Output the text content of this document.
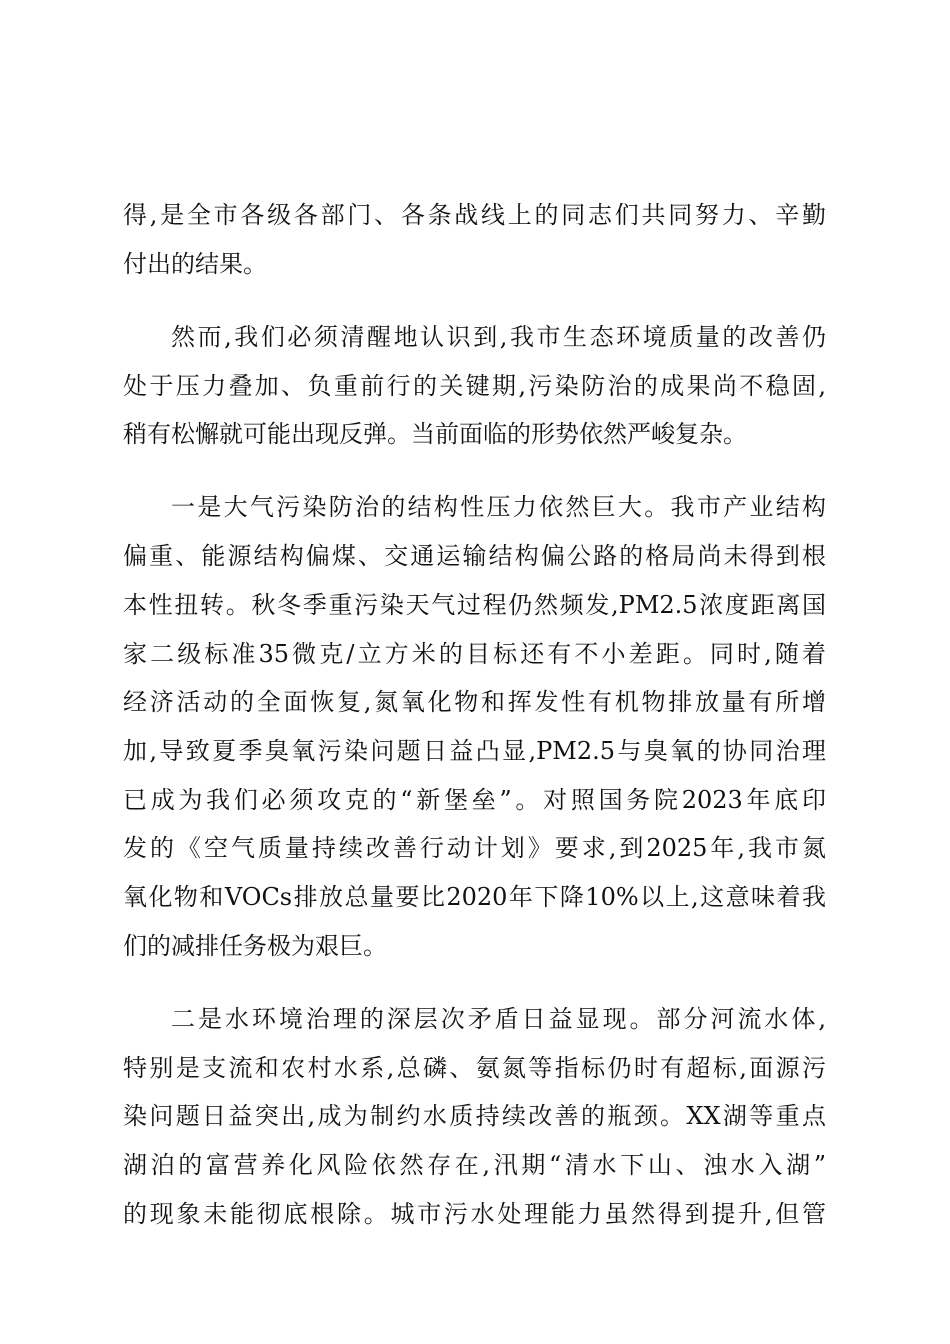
得,是全市各级各部门、各条战线上的同志们共同努力、辛勤
付出的结果。
然而,我们必须清醒地认识到,我市生态环境质量的改善仍
处于压力叠加、负重前行的关键期,污染防治的成果尚不稳固,
稍有松懈就可能出现反弹。当前面临的形势依然严峻复杂。
一是大气污染防治的结构性压力依然巨大。我市产业结构
偏重、能源结构偏煤、交通运输结构偏公路的格局尚未得到根
本性扭转。秋冬季重污染天气过程仍然频发,PM2.5浓度距离国
家二级标准35微克/立方米的目标还有不小差距。同时,随着
经济活动的全面恢复,氮氧化物和挥发性有机物排放量有所增
加,导致夏季臭氧污染问题日益凸显,PM2.5与臭氧的协同治理
已成为我们必须攻克的“新堡垒”。对照国务院2023年底印
发的《空气质量持续改善行动计划》要求,到2025年,我市氮
氧化物和VOCs排放总量要比2020年下降10%以上,这意味着我
们的减排任务极为艰巨。
二是水环境治理的深层次矛盾日益显现。部分河流水体,
特别是支流和农村水系,总磷、氨氮等指标仍时有超标,面源污
染问题日益突出,成为制约水质持续改善的瓶颈。XX湖等重点
湖泊的富营养化风险依然存在,汛期“清水下山、浊水入湖”
的现象未能彻底根除。城市污水处理能力虽然得到提升,但管
